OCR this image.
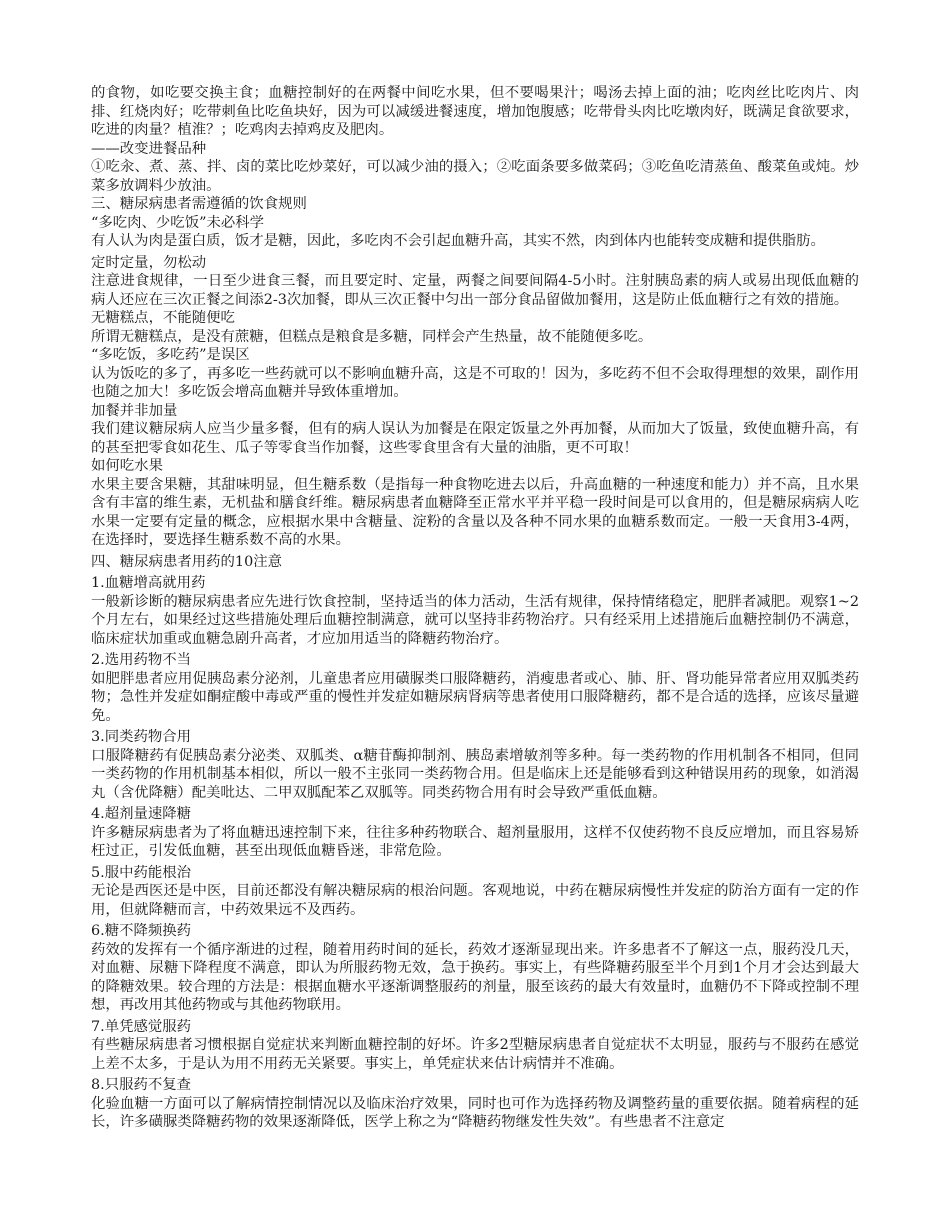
的食物，如吃要交换主食；血糖控制好的在两餐中间吃水果，但不要喝果汁；喝汤去掉上面的油；吃肉丝比吃肉片、肉排、红烧肉好；吃带刺鱼比吃鱼块好，因为可以减缓进餐速度，增加饱腹感；吃带骨头肉比吃墩肉好，既满足食欲要求，吃进的肉量？植淮？；吃鸡肉去掉鸡皮及肥肉。

——改变进餐品种

①吃汆、煮、蒸、拌、卤的菜比吃炒菜好，可以减少油的摄入；②吃面条要多做菜码；③吃鱼吃清蒸鱼、酸菜鱼或炖。炒菜多放调料少放油。

三、糖尿病患者需遵循的饮食规则

“多吃肉、少吃饭”未必科学

有人认为肉是蛋白质，饭才是糖，因此，多吃肉不会引起血糖升高，其实不然，肉到体内也能转变成糖和提供脂肪。

定时定量，勿松动

注意进食规律，一日至少进食三餐，而且要定时、定量，两餐之间要间隔4-5小时。注射胰岛素的病人或易出现低血糖的病人还应在三次正餐之间添2-3次加餐，即从三次正餐中匀出一部分食品留做加餐用，这是防止低血糖行之有效的措施。

无糖糕点，不能随便吃

所谓无糖糕点，是没有蔗糖，但糕点是粮食是多糖，同样会产生热量，故不能随便多吃。

“多吃饭，多吃药”是误区

认为饭吃的多了，再多吃一些药就可以不影响血糖升高，这是不可取的！因为，多吃药不但不会取得理想的效果，副作用也随之加大！多吃饭会增高血糖并导致体重增加。

加餐并非加量

我们建议糖尿病人应当少量多餐，但有的病人误认为加餐是在限定饭量之外再加餐，从而加大了饭量，致使血糖升高，有的甚至把零食如花生、瓜子等零食当作加餐，这些零食里含有大量的油脂，更不可取！

如何吃水果

水果主要含果糖，其甜味明显，但生糖系数（是指每一种食物吃进去以后，升高血糖的一种速度和能力）并不高，且水果含有丰富的维生素，无机盐和膳食纤维。糖尿病患者血糖降至正常水平并平稳一段时间是可以食用的，但是糖尿病病人吃水果一定要有定量的概念，应根据水果中含糖量、淀粉的含量以及各种不同水果的血糖系数而定。一般一天食用3-4两，在选择时，要选择生糖系数不高的水果。

四、糖尿病患者用药的10注意

1.血糖增高就用药

一般新诊断的糖尿病患者应先进行饮食控制，坚持适当的体力活动，生活有规律，保持情绪稳定，肥胖者减肥。观察1~2个月左右，如果经过这些措施处理后血糖控制满意，就可以坚持非药物治疗。只有经采用上述措施后血糖控制仍不满意，临床症状加重或血糖急剧升高者，才应加用适当的降糖药物治疗。

2.选用药物不当

如肥胖患者应用促胰岛素分泌剂，儿童患者应用磺脲类口服降糖药，消瘦患者或心、肺、肝、肾功能异常者应用双胍类药物；急性并发症如酮症酸中毒或严重的慢性并发症如糖尿病肾病等患者使用口服降糖药，都不是合适的选择，应该尽量避免。

3.同类药物合用

口服降糖药有促胰岛素分泌类、双胍类、α糖苷酶抑制剂、胰岛素增敏剂等多种。每一类药物的作用机制各不相同，但同一类药物的作用机制基本相似，所以一般不主张同一类药物合用。但是临床上还是能够看到这种错误用药的现象，如消渴丸（含优降糖）配美吡达、二甲双胍配苯乙双胍等。同类药物合用有时会导致严重低血糖。

4.超剂量速降糖

许多糖尿病患者为了将血糖迅速控制下来，往往多种药物联合、超剂量服用，这样不仅使药物不良反应增加，而且容易矫枉过正，引发低血糖，甚至出现低血糖昏迷，非常危险。

5.服中药能根治

无论是西医还是中医，目前还都没有解决糖尿病的根治问题。客观地说，中药在糖尿病慢性并发症的防治方面有一定的作用，但就降糖而言，中药效果远不及西药。

6.糖不降频换药

药效的发挥有一个循序渐进的过程，随着用药时间的延长，药效才逐渐显现出来。许多患者不了解这一点，服药没几天，对血糖、尿糖下降程度不满意，即认为所服药物无效，急于换药。事实上，有些降糖药服至半个月到1个月才会达到最大的降糖效果。较合理的方法是：根据血糖水平逐渐调整服药的剂量，服至该药的最大有效量时，血糖仍不下降或控制不理想，再改用其他药物或与其他药物联用。

7.单凭感觉服药

有些糖尿病患者习惯根据自觉症状来判断血糖控制的好坏。许多2型糖尿病患者自觉症状不太明显，服药与不服药在感觉上差不太多，于是认为用不用药无关紧要。事实上，单凭症状来估计病情并不准确。

8.只服药不复查

化验血糖一方面可以了解病情控制情况以及临床治疗效果，同时也可作为选择药物及调整药量的重要依据。随着病程的延长，许多磺脲类降糖药物的效果逐渐降低，医学上称之为“降糖药物继发性失效”。有些患者不注意定
